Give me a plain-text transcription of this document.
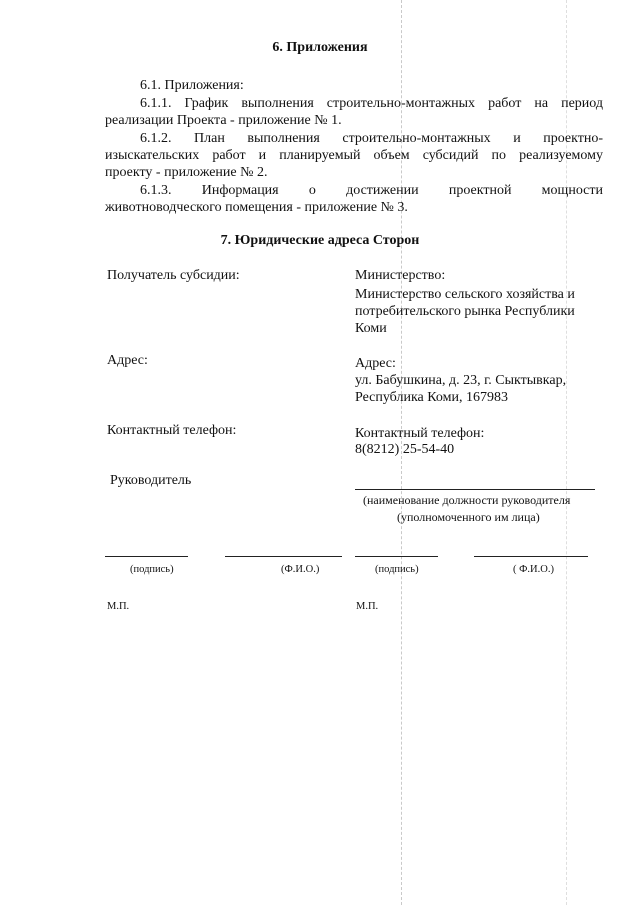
6. Приложения
6.1. Приложения:
6.1.1. График выполнения строительно-монтажных работ на период
реализации Проекта - приложение № 1.
6.1.2. План выполнения строительно-монтажных и проектно-
изыскательских работ и планируемый объем субсидий по реализуемому
проекту - приложение № 2.
6.1.3. Информация о достижении проектной мощности
животноводческого помещения - приложение № 3.
7. Юридические адреса Сторон
Получатель субсидии:	Министерство:
Министерство сельского хозяйства и
потребительского рынка Республики
Коми
Адрес:	Адрес:
ул. Бабушкина, д. 23, г. Сыктывкар,
Республика Коми, 167983
Контактный телефон:	Контактный телефон:
8(8212) 25-54-40
Руководитель
(наименование должности руководителя
(уполномоченного им лица)
(подпись)	(Ф.И.О.)	(подпись)	( Ф.И.О.)
М.П.	М.П.
